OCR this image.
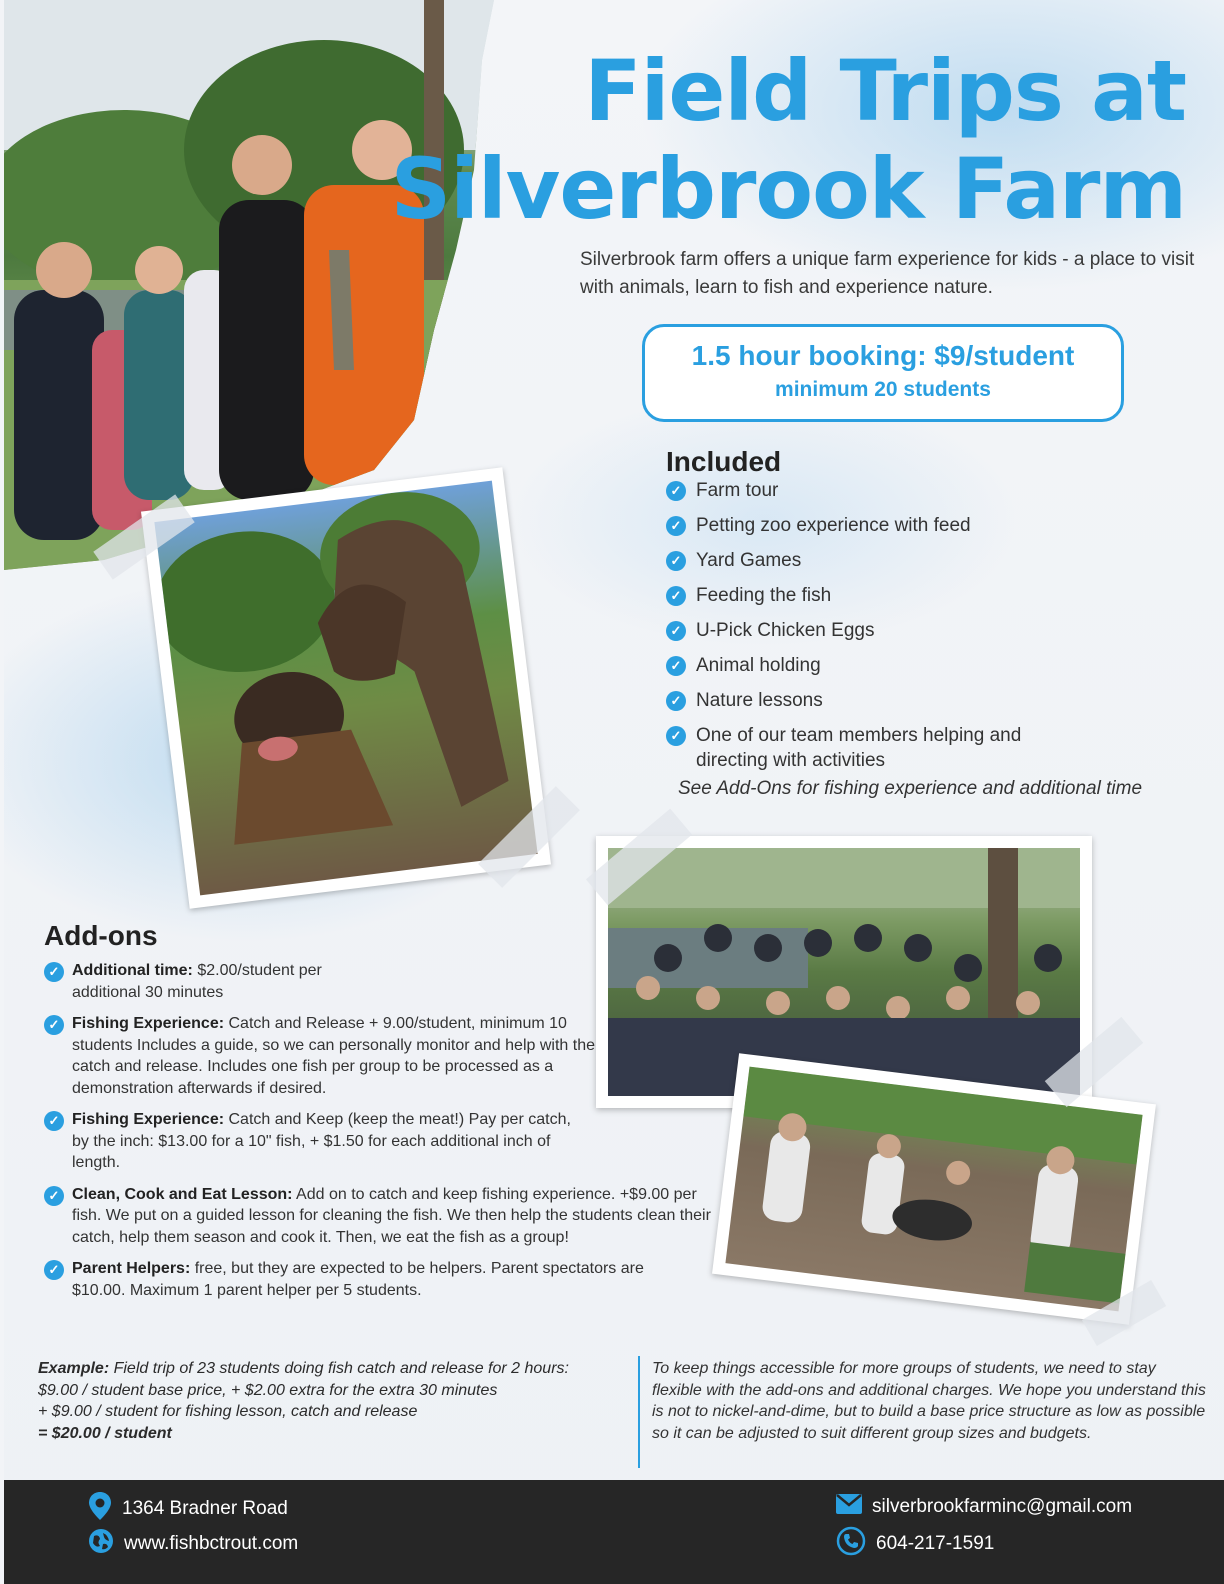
Field Trips at
Silverbrook Farm
Silverbrook farm offers a unique farm experience for kids - a place to visit with animals, learn to fish and experience nature.
1.5 hour booking: $9/student
minimum 20 students
Included
✓ Farm tour
✓ Petting zoo experience with feed
✓ Yard Games
✓ Feeding the fish
✓ U-Pick Chicken Eggs
✓ Animal holding
✓ Nature lessons
✓ One of our team members helping and directing with activities
See Add-Ons for fishing experience and additional time
Add-ons
✓ Additional time: $2.00/student per additional 30 minutes
✓ Fishing Experience: Catch and Release + 9.00/student, minimum 10 students Includes a guide, so we can personally monitor and help with the catch and release. Includes one fish per group to be processed as a demonstration afterwards if desired.
✓ Fishing Experience: Catch and Keep (keep the meat!) Pay per catch, by the inch: $13.00 for a 10" fish, + $1.50 for each additional inch of length.
✓ Clean, Cook and Eat Lesson: Add on to catch and keep fishing experience. +$9.00 per fish. We put on a guided lesson for cleaning the fish. We then help the students clean their catch, help them season and cook it. Then, we eat the fish as a group!
✓ Parent Helpers: free, but they are expected to be helpers. Parent spectators are $10.00. Maximum 1 parent helper per 5 students.
Example: Field trip of 23 students doing fish catch and release for 2 hours:
$9.00 / student base price, + $2.00 extra for the extra 30 minutes
+ $9.00 / student for fishing lesson, catch and release
= $20.00 / student
To keep things accessible for more groups of students, we need to stay flexible with the add-ons and additional charges. We hope you understand this is not to nickel-and-dime, but to build a base price structure as low as possible so it can be adjusted to suit different group sizes and budgets.
1364 Bradner Road
www.fishbctrout.com
silverbrookfarminc@gmail.com
604-217-1591
